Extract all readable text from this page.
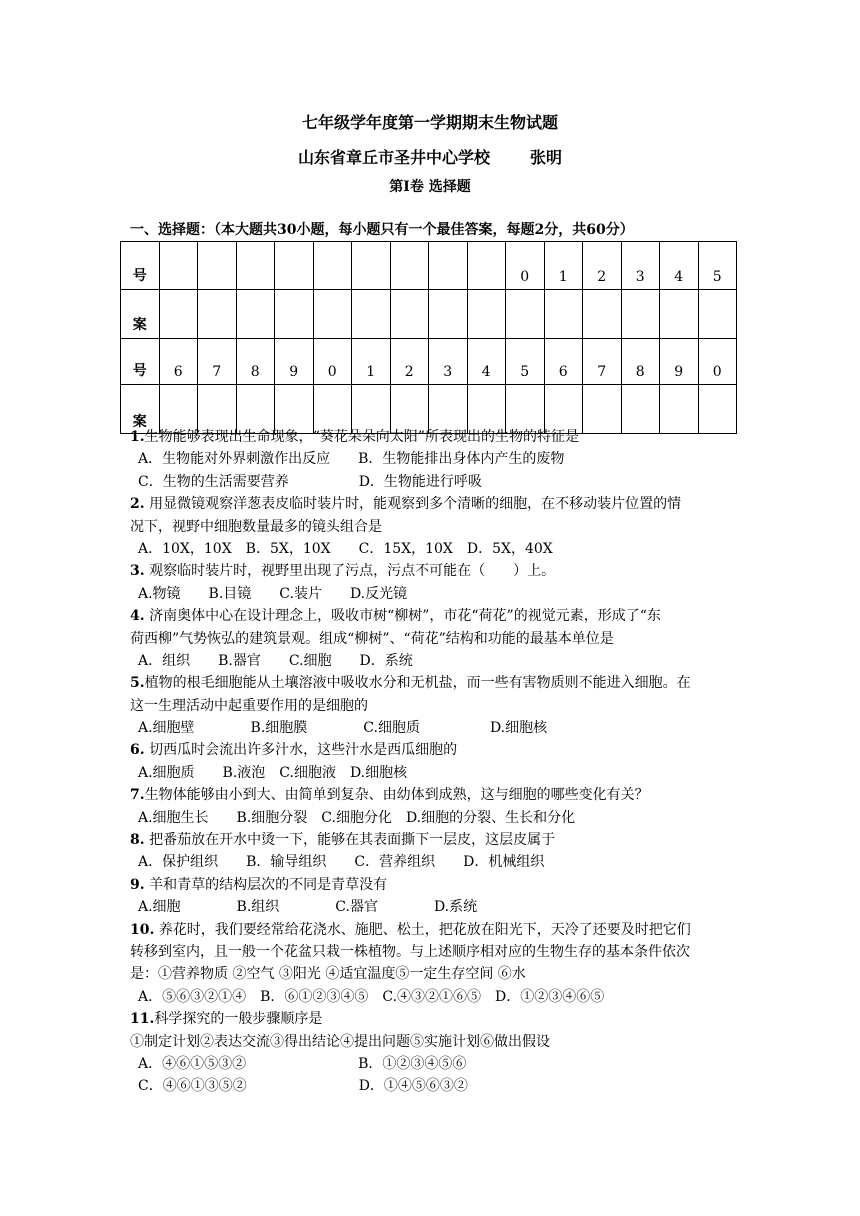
七年级学年度第一学期期末生物试题
山东省章丘市圣井中心学校	张明
第Ⅰ卷 选择题
一、选择题：（本大题共30小题，每小题只有一个最佳答案，每题2分，共60分）
号										0	1	2	3	4	5
案															
号	6	7	8	9	0	1	2	3	4	5	6	7	8	9	0
案															
1.生物能够表现出生命现象，“葵花朵朵向太阳”所表现出的生物的特征是
A．生物能对外界刺激作出反应　　B．生物能排出身体内产生的废物
C．生物的生活需要营养　　　　　D．生物能进行呼吸
2. 用显微镜观察洋葱表皮临时装片时，能观察到多个清晰的细胞，在不移动装片位置的情
况下，视野中细胞数量最多的镜头组合是
A．10X，10X　B．5X，10X　　C．15X，10X　D．5X，40X
3. 观察临时装片时，视野里出现了污点，污点不可能在（　　）上。
A.物镜　　B.目镜　　C.装片　　D.反光镜
4. 济南奥体中心在设计理念上，吸收市树“柳树”，市花“荷花”的视觉元素，形成了“东
荷西柳”气势恢弘的建筑景观。组成“柳树”、“荷花”结构和功能的最基本单位是
A．组织　　B.器官　　C.细胞　　D．系统
5.植物的根毛细胞能从土壤溶液中吸收水分和无机盐，而一些有害物质则不能进入细胞。在
这一生理活动中起重要作用的是细胞的
A.细胞壁　　　　B.细胞膜　　　　C.细胞质　　　　　D.细胞核
6. 切西瓜时会流出许多汁水，这些汁水是西瓜细胞的
A.细胞质　　B.液泡　C.细胞液　D.细胞核
7.生物体能够由小到大、由简单到复杂、由幼体到成熟，这与细胞的哪些变化有关？
A.细胞生长　　B.细胞分裂　C.细胞分化　D.细胞的分裂、生长和分化
8. 把番茄放在开水中烫一下，能够在其表面撕下一层皮，这层皮属于
A．保护组织　　B．输导组织　　C．营养组织　　D．机械组织
9. 羊和青草的结构层次的不同是青草没有
A.细胞　　　　B.组织　　　　C.器官　　　　D.系统
10. 养花时，我们要经常给花浇水、施肥、松土，把花放在阳光下，天冷了还要及时把它们
转移到室内，且一般一个花盆只栽一株植物。与上述顺序相对应的生物生存的基本条件依次
是：①营养物质 ②空气 ③阳光 ④适宜温度⑤一定生存空间 ⑥水
A．⑤⑥③②①④　B．⑥①②③④⑤　C.④③②①⑥⑤　D．①②③④⑥⑤
11.科学探究的一般步骤顺序是
①制定计划②表达交流③得出结论④提出问题⑤实施计划⑥做出假设
A．④⑥①⑤③②　　　　　　　　B．①②③④⑤⑥
C．④⑥①③⑤②　　　　　　　　D．①④⑤⑥③②
